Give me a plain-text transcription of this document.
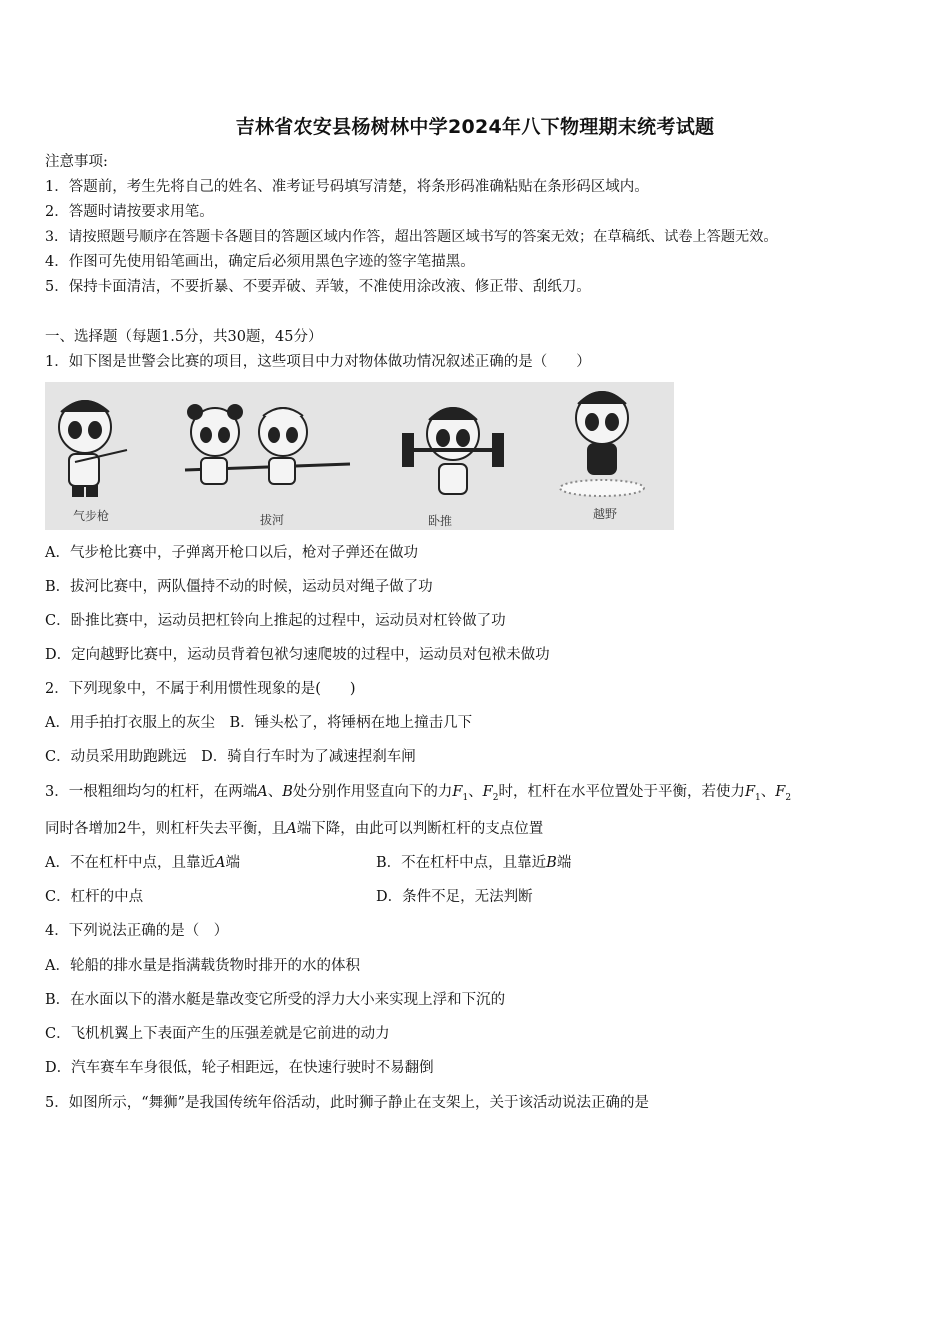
吉林省农安县杨树林中学2024年八下物理期末统考试题
注意事项:
1．答题前，考生先将自己的姓名、准考证号码填写清楚，将条形码准确粘贴在条形码区域内。
2．答题时请按要求用笔。
3．请按照题号顺序在答题卡各题目的答题区域内作答，超出答题区域书写的答案无效；在草稿纸、试卷上答题无效。
4．作图可先使用铅笔画出，确定后必须用黑色字迹的签字笔描黑。
5．保持卡面清洁，不要折暴、不要弄破、弄皱，不准使用涂改液、修正带、刮纸刀。
一、选择题（每题1.5分，共30题，45分）
1．如下图是世警会比赛的项目，这些项目中力对物体做功情况叙述正确的是（　　）
气步枪	拔河	卧推	越野
A．气步枪比赛中，子弹离开枪口以后，枪对子弹还在做功
B．拔河比赛中，两队僵持不动的时候，运动员对绳子做了功
C．卧推比赛中，运动员把杠铃向上推起的过程中，运动员对杠铃做了功
D．定向越野比赛中，运动员背着包袱匀速爬坡的过程中，运动员对包袱未做功
2．下列现象中，不属于利用惯性现象的是(　　)
A．用手拍打衣服上的灰尘　B．锤头松了，将锤柄在地上撞击几下
C．动员采用助跑跳远　D．骑自行车时为了减速捏刹车闸
3．一根粗细均匀的杠杆，在两端A、B处分别作用竖直向下的力$F_1$、$F_2$时，杠杆在水平位置处于平衡，若使力$F_1$、$F_2$
同时各增加2牛，则杠杆失去平衡，且A端下降，由此可以判断杠杆的支点位置
A．不在杠杆中点，且靠近A端	B．不在杠杆中点，且靠近B端
C．杠杆的中点	D．条件不足，无法判断
4．下列说法正确的是（　）
A．轮船的排水量是指满载货物时排开的水的体积
B．在水面以下的潜水艇是靠改变它所受的浮力大小来实现上浮和下沉的
C．飞机机翼上下表面产生的压强差就是它前进的动力
D．汽车赛车车身很低，轮子相距远，在快速行驶时不易翻倒
5．如图所示，“舞狮”是我国传统年俗活动，此时狮子静止在支架上，关于该活动说法正确的是
